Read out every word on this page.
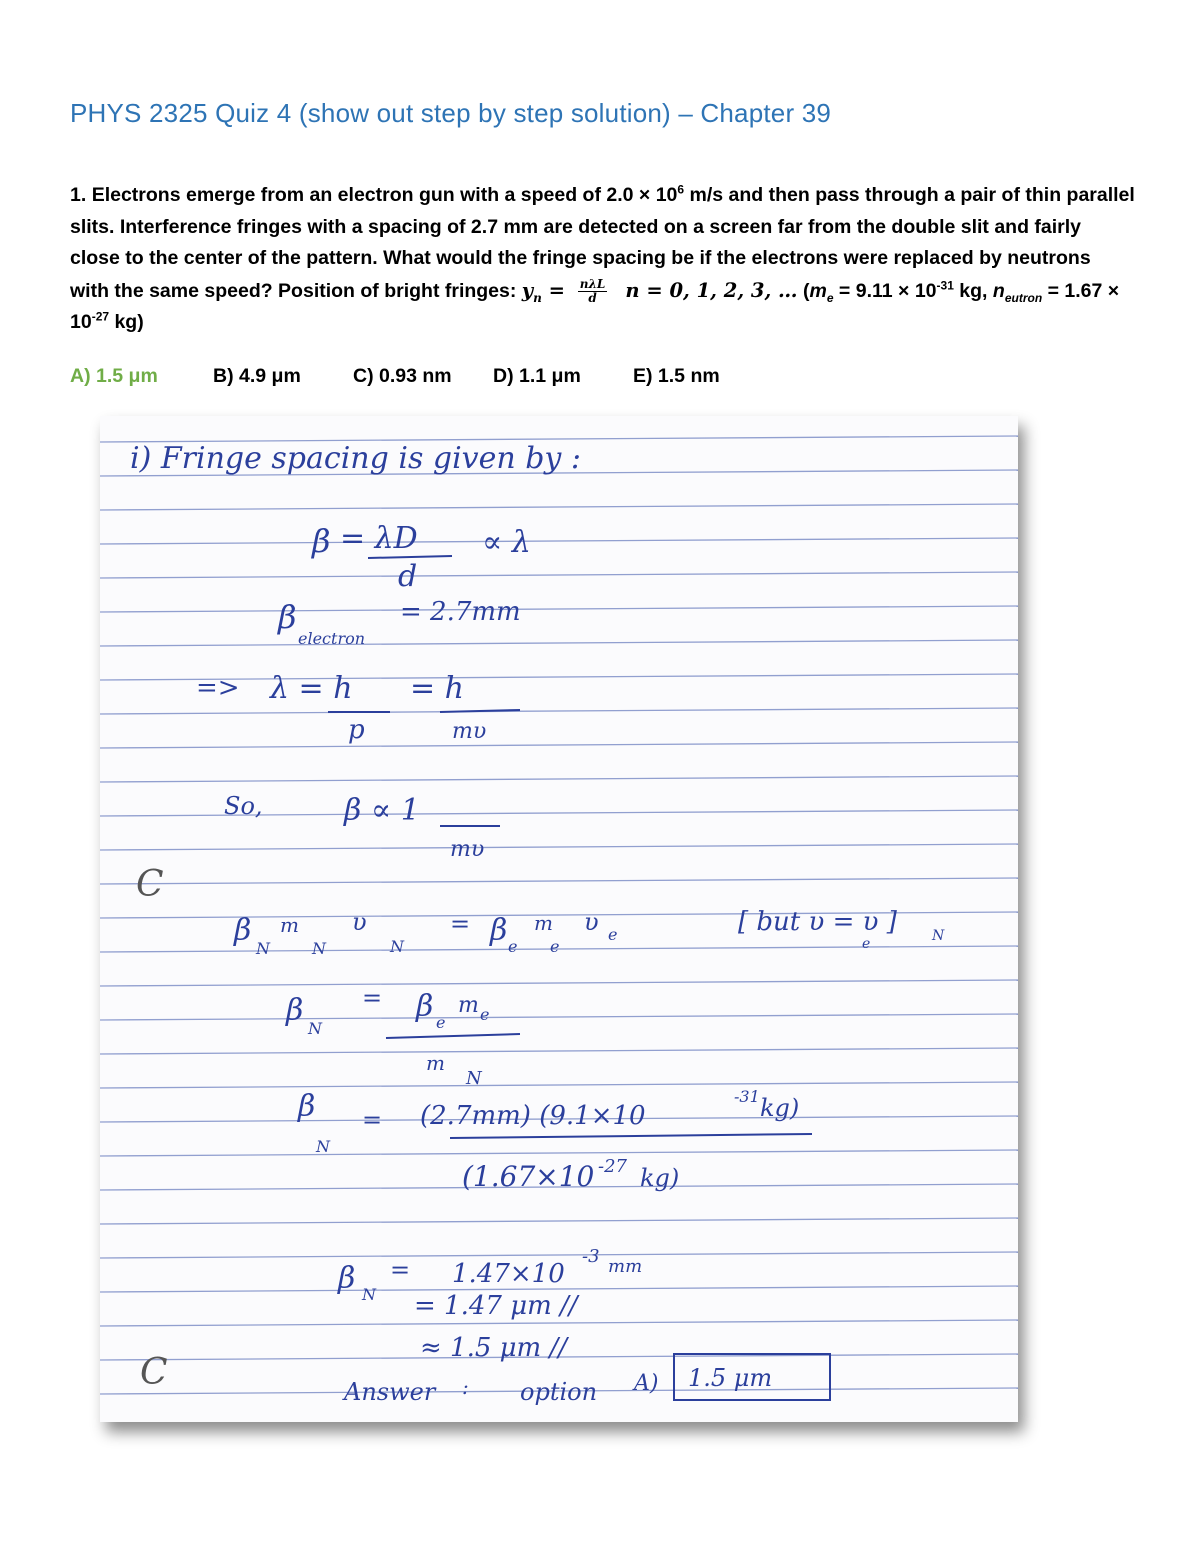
PHYS 2325 Quiz 4 (show out step by step solution) – Chapter 39
1. Electrons emerge from an electron gun with a speed of $2.0 \times 10^6$ m/s and then pass through a pair of thin parallel slits. Interference fringes with a spacing of 2.7 mm are detected on a screen far from the double slit and fairly close to the center of the pattern. What would the fringe spacing be if the electrons were replaced by neutrons with the same speed? Position of bright fringes: $y_n = \frac{\text{nλL}}{d}$ n = 0, 1, 2, 3, … ($m_e = 9.11 \times 10^{-31}$ kg, $n_{eutron} = 1.67 \times 10^{-27}$ kg)
A) 1.5 μm	B) 4.9 μm	C) 0.93 nm D) 1.1 μm	E) 1.5 nm
C
C
i) Fringe spacing is given by :
β = λD
d
∝ λ
β
electron
= 2.7mm
=> λ = h
p
= h
mυ
So,	β ∝ 1
mυ
β
N
m
N
υ
N
= β e
m
e
υ e	[ but υ = υ ]
e	N
β
N
= β e
m e
m
N
β
N
= (2.7mm) (9.1×10
-31 kg)
(1.67×10 -27 kg)
β N
= 1.47×10
-3 mm
= 1.47 μm //
≈ 1.5 μm //
Answer : option A) 1.5 μm
